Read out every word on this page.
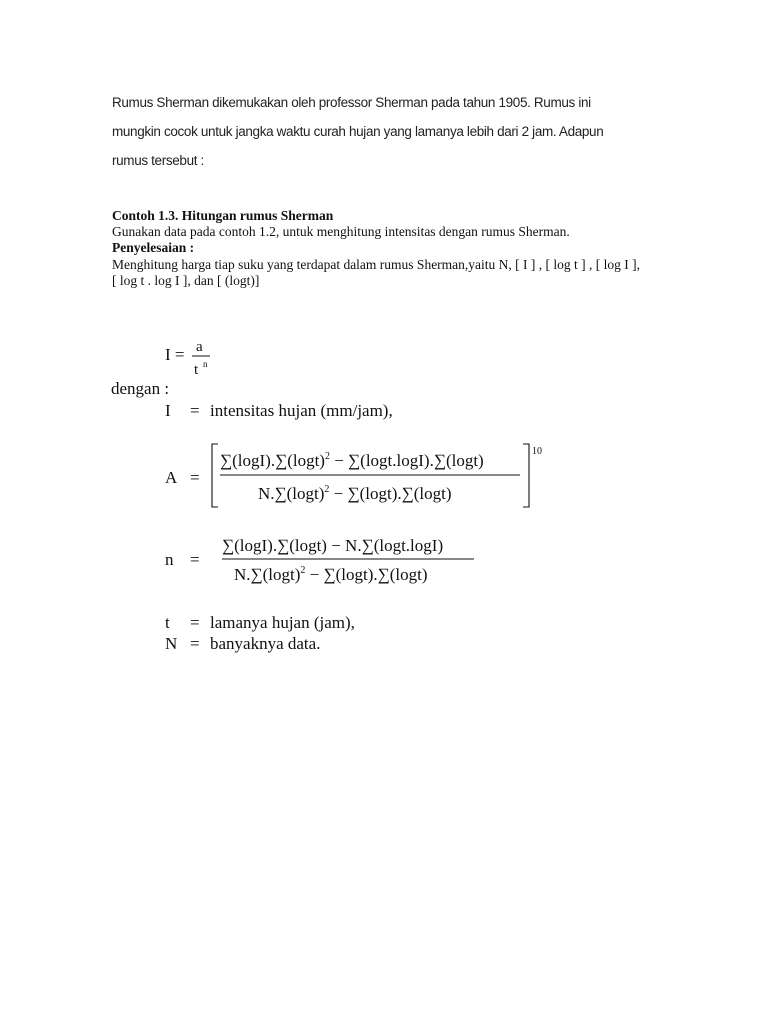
Rumus Sherman dikemukakan oleh professor Sherman pada tahun 1905. Rumus ini

mungkin cocok untuk jangka waktu curah hujan yang lamanya lebih dari 2 jam. Adapun

rumus tersebut :

Contoh 1.3. Hitungan rumus Sherman

Gunakan data pada contoh 1.2, untuk menghitung intensitas dengan rumus Sherman.

Penyelesaian :

Menghitung harga tiap suku yang terdapat dalam rumus Sherman,yaitu N, [ I ] , [ log t ] , [ log I ],

[ log t . log I ], dan [ (logt)]

I = a
t n
dengan :
I = intensitas hujan (mm/jam),
A =
10
$\sum(\log I).\sum(\log t)^2 - \sum(\log t.\log I).\sum(\log t)$
$N.\sum(\log t)^2 - \sum(\log t).\sum(\log t)$
n =
∑(logI).∑(logt) − N.∑(logt.logI)
$N.\sum(\log t)^2 - \sum(\log t).\sum(\log t)$
t = lamanya hujan (jam),
N = banyaknya data.
